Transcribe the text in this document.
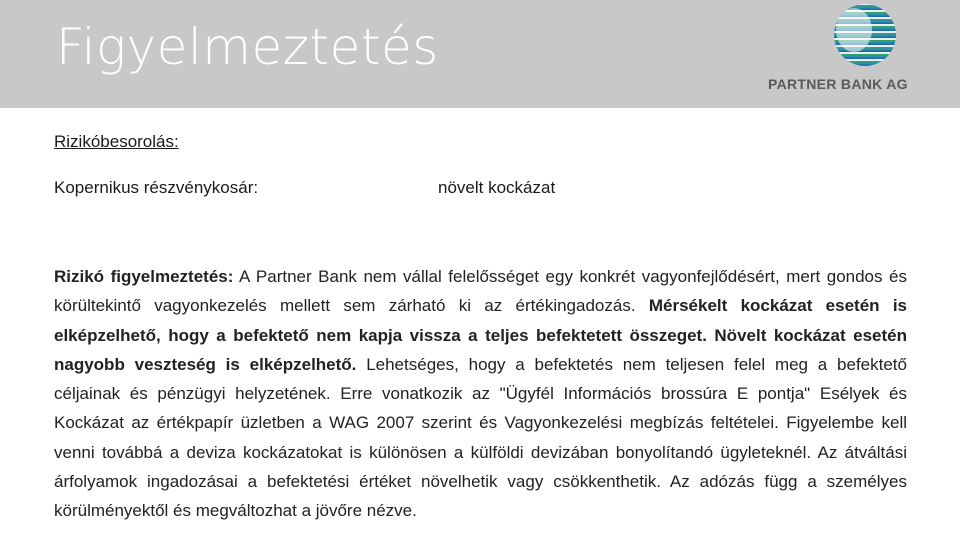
Figyelmeztetés
PARTNER BANK AG

Rizikóbesorolás:

Kopernikus részvénykosár:	növelt kockázat

Rizikó figyelmeztetés: A Partner Bank nem vállal felelősséget egy konkrét vagyonfejlődésért, mert gondos és körültekintő vagyonkezelés mellett sem zárható ki az értékingadozás. Mérsékelt kockázat esetén is elképzelhető, hogy a befektető nem kapja vissza a teljes befektetett összeget. Növelt kockázat esetén nagyobb veszteség is elképzelhető. Lehetséges, hogy a befektetés nem teljesen felel meg a befektető céljainak és pénzügyi helyzetének. Erre vonatkozik az "Ügyfél Információs brossúra E pontja" Esélyek és Kockázat az értékpapír üzletben a WAG 2007 szerint és Vagyonkezelési megbízás feltételei. Figyelembe kell venni továbbá a deviza kockázatokat is különösen a külföldi devizában bonyolítandó ügyleteknél. Az átváltási árfolyamok ingadozásai a befektetési értéket növelhetik vagy csökkenthetik. Az adózás függ a személyes körülményektől és megváltozhat a jövőre nézve.
